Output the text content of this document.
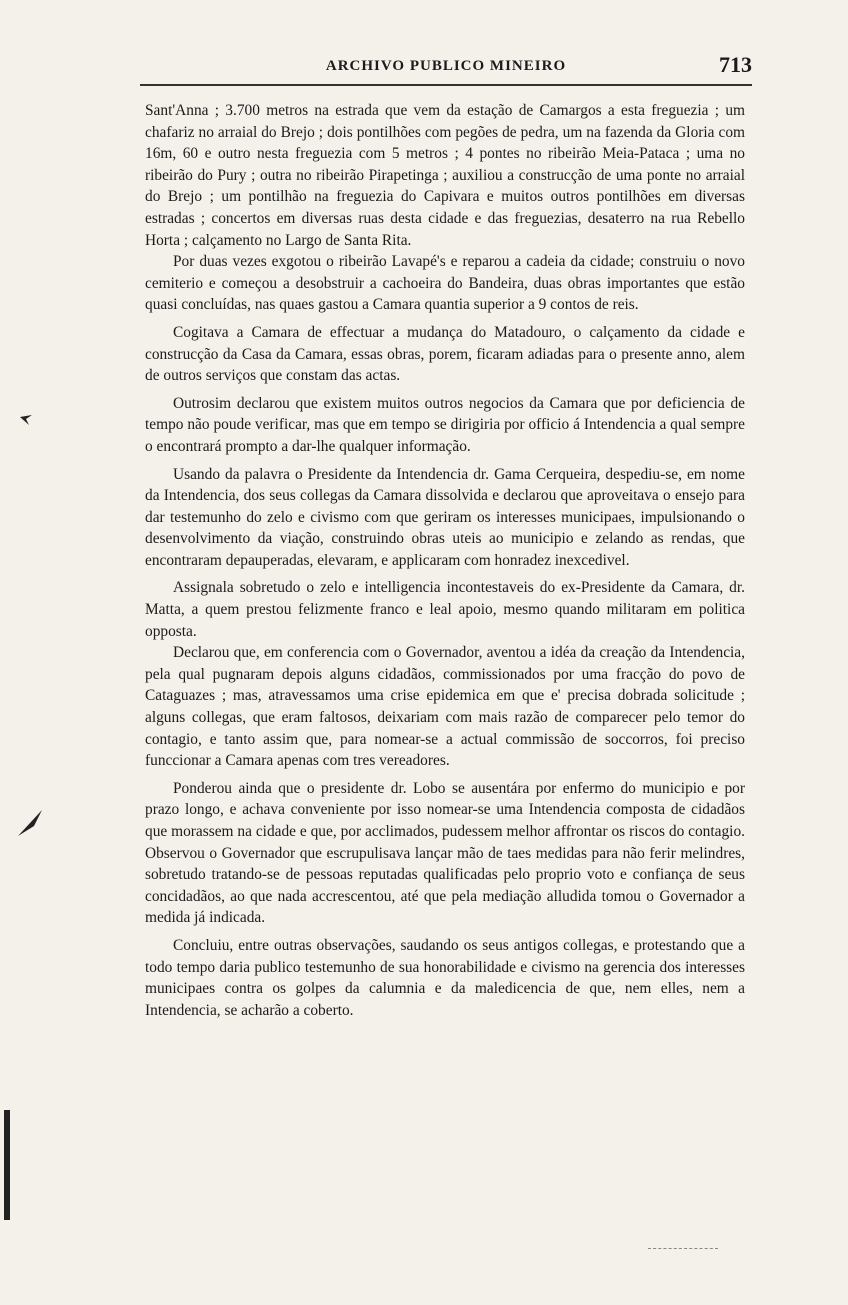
ARCHIVO PUBLICO MINEIRO	713

Sant'Anna ; 3.700 metros na estrada que vem da estação de Camargos a esta freguezia ; um chafariz no arraial do Brejo ; dois pontilhões com pegões de pedra, um na fazenda da Gloria com 16m, 60 e outro nesta freguezia com 5 metros ; 4 pontes no ribeirão Meia-Pataca ; uma no ribeirão do Pury ; outra no ribeirão Pirapetinga ; auxiliou a construcção de uma ponte no arraial do Brejo ; um pontilhão na freguezia do Capivara e muitos outros pontilhões em diversas estradas ; concertos em diversas ruas desta cidade e das freguezias, desaterro na rua Rebello Horta ; calçamento no Largo de Santa Rita.

Por duas vezes exgotou o ribeirão Lavapé's e reparou a cadeia da cidade; construiu o novo cemiterio e começou a desobstruir a cachoeira do Bandeira, duas obras importantes que estão quasi concluídas, nas quaes gastou a Camara quantia superior a 9 contos de reis.

Cogitava a Camara de effectuar a mudança do Matadouro, o calçamento da cidade e construcção da Casa da Camara, essas obras, porem, ficaram adiadas para o presente anno, alem de outros serviços que constam das actas.

Outrosim declarou que existem muitos outros negocios da Camara que por deficiencia de tempo não poude verificar, mas que em tempo se dirigiria por officio á Intendencia a qual sempre o encontrará prompto a dar-lhe qualquer informação.

Usando da palavra o Presidente da Intendencia dr. Gama Cerqueira, despediu-se, em nome da Intendencia, dos seus collegas da Camara dissolvida e declarou que aproveitava o ensejo para dar testemunho do zelo e civismo com que geriram os interesses municipaes, impulsionando o desenvolvimento da viação, construindo obras uteis ao municipio e zelando as rendas, que encontraram depauperadas, elevaram, e applicaram com honradez inexcedivel.

Assignala sobretudo o zelo e intelligencia incontestaveis do ex-Presidente da Camara, dr. Matta, a quem prestou felizmente franco e leal apoio, mesmo quando militaram em politica opposta.

Declarou que, em conferencia com o Governador, aventou a idéa da creação da Intendencia, pela qual pugnaram depois alguns cidadãos, commissionados por uma fracção do povo de Cataguazes ; mas, atravessamos uma crise epidemica em que e' precisa dobrada solicitude ; alguns collegas, que eram faltosos, deixariam com mais razão de comparecer pelo temor do contagio, e tanto assim que, para nomear-se a actual commissão de soccorros, foi preciso funccionar a Camara apenas com tres vereadores.

Ponderou ainda que o presidente dr. Lobo se ausentára por enfermo do municipio e por prazo longo, e achava conveniente por isso nomear-se uma Intendencia composta de cidadãos que morassem na cidade e que, por acclimados, pudessem melhor affrontar os riscos do contagio. Observou o Governador que escrupulisava lançar mão de taes medidas para não ferir melindres, sobretudo tratando-se de pessoas reputadas qualificadas pelo proprio voto e confiança de seus concidadãos, ao que nada accrescentou, até que pela mediação alludida tomou o Governador a medida já indicada.

Concluiu, entre outras observações, saudando os seus antigos collegas, e protestando que a todo tempo daria publico testemunho de sua honorabilidade e civismo na gerencia dos interesses municipaes contra os golpes da calumnia e da maledicencia de que, nem elles, nem a Intendencia, se acharão a coberto.
